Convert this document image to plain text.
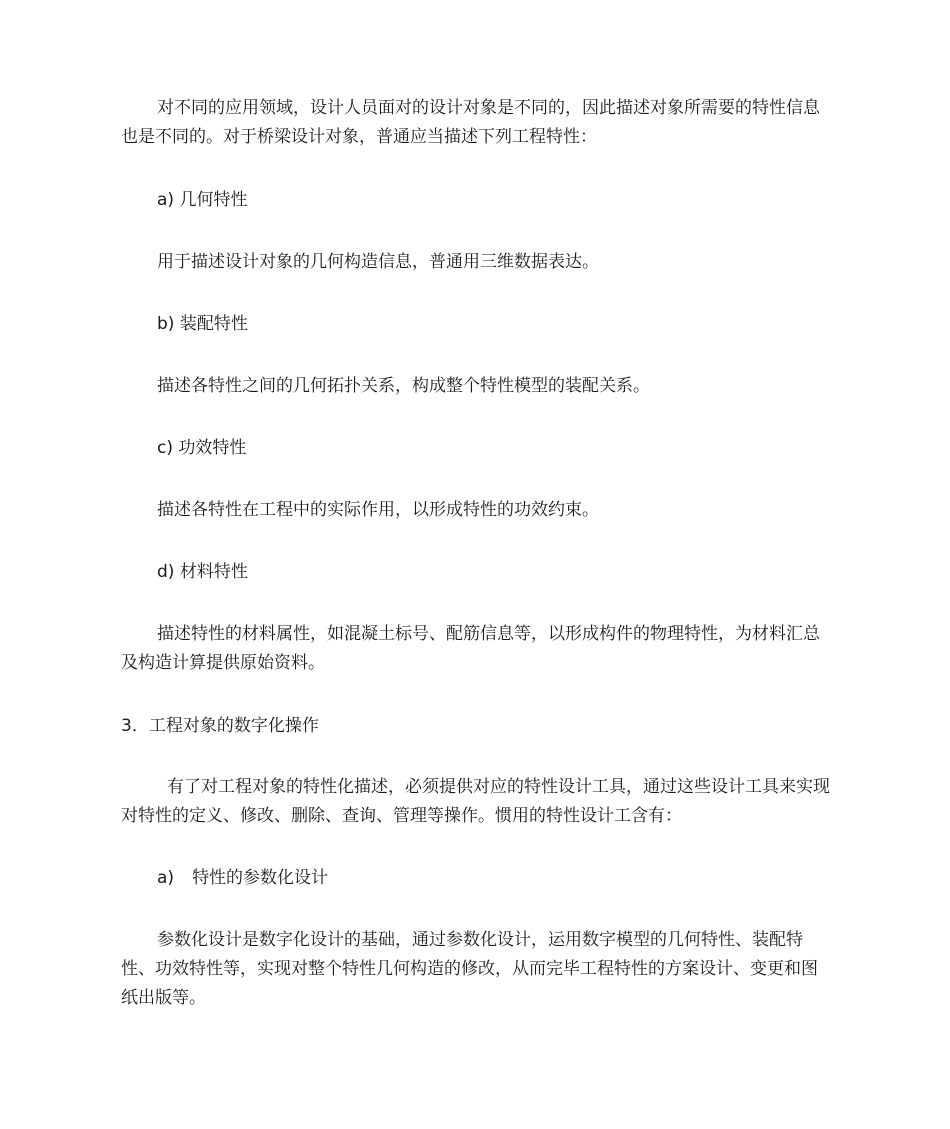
对不同的应用领域，设计人员面对的设计对象是不同的，因此描述对象所需要的特性信息也是不同的。对于桥梁设计对象，普通应当描述下列工程特性：

a) 几何特性

用于描述设计对象的几何构造信息，普通用三维数据表达。

b) 装配特性

描述各特性之间的几何拓扑关系，构成整个特性模型的装配关系。

c) 功效特性

描述各特性在工程中的实际作用，以形成特性的功效约束。

d) 材料特性

描述特性的材料属性，如混凝土标号、配筋信息等，以形成构件的物理特性，为材料汇总及构造计算提供原始资料。

3．工程对象的数字化操作

有了对工程对象的特性化描述，必须提供对应的特性设计工具，通过这些设计工具来实现对特性的定义、修改、删除、查询、管理等操作。惯用的特性设计工含有：

a) 特性的参数化设计

参数化设计是数字化设计的基础，通过参数化设计，运用数字模型的几何特性、装配特性、功效特性等，实现对整个特性几何构造的修改，从而完毕工程特性的方案设计、变更和图纸出版等。
